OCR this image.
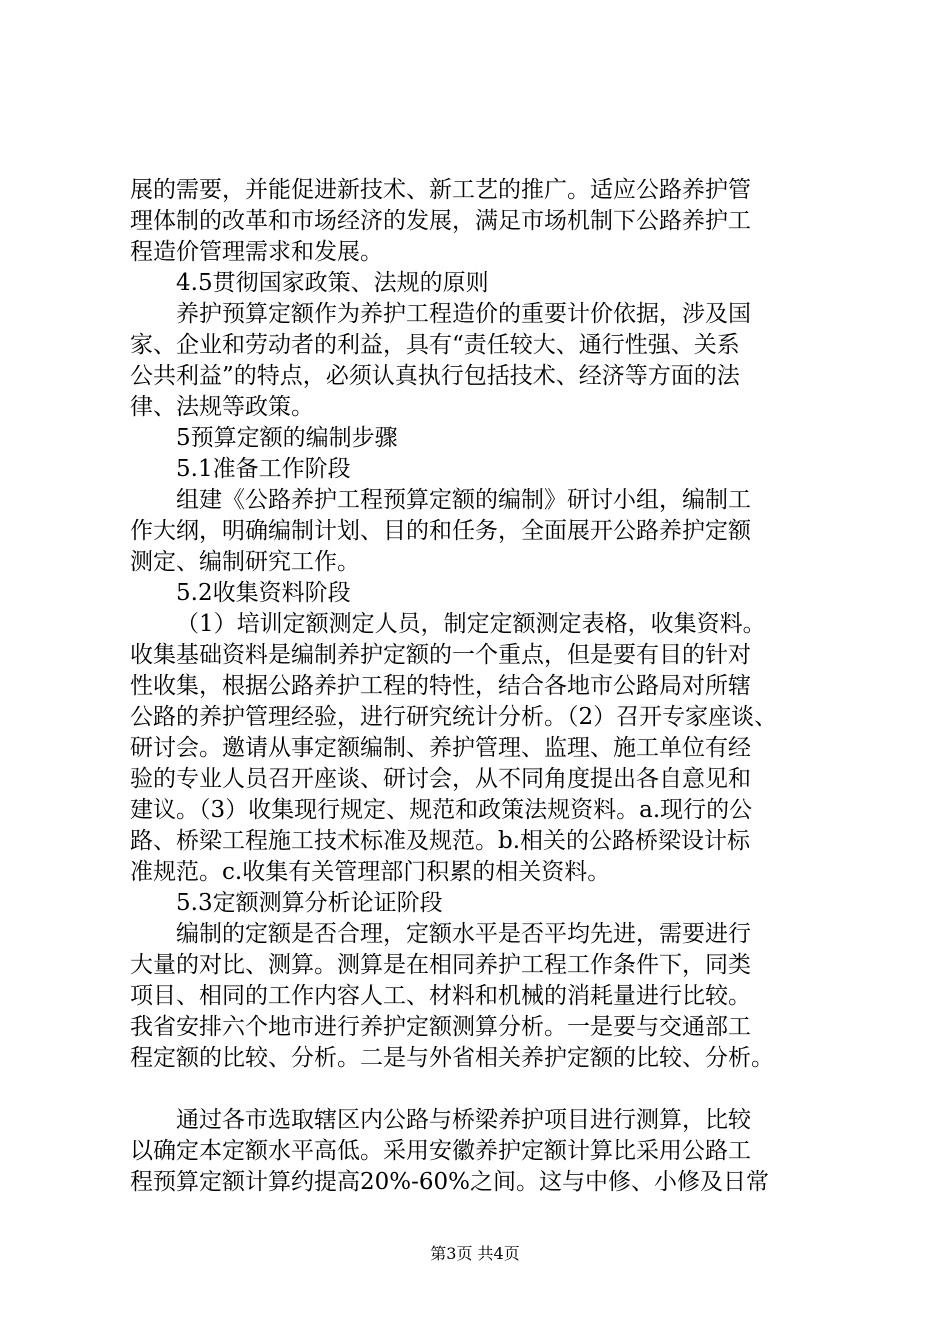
展的需要，并能促进新技术、新工艺的推广。适应公路养护管
理体制的改革和市场经济的发展，满足市场机制下公路养护工
程造价管理需求和发展。
4.5贯彻国家政策、法规的原则
养护预算定额作为养护工程造价的重要计价依据，涉及国
家、企业和劳动者的利益，具有“责任较大、通行性强、关系
公共利益”的特点，必须认真执行包括技术、经济等方面的法
律、法规等政策。
5预算定额的编制步骤
5.1准备工作阶段
组建《公路养护工程预算定额的编制》研讨小组，编制工
作大纲，明确编制计划、目的和任务，全面展开公路养护定额
测定、编制研究工作。
5.2收集资料阶段
（1）培训定额测定人员，制定定额测定表格，收集资料。
收集基础资料是编制养护定额的一个重点，但是要有目的针对
性收集，根据公路养护工程的特性，结合各地市公路局对所辖
公路的养护管理经验，进行研究统计分析。（2）召开专家座谈、
研讨会。邀请从事定额编制、养护管理、监理、施工单位有经
验的专业人员召开座谈、研讨会，从不同角度提出各自意见和
建议。（3）收集现行规定、规范和政策法规资料。a.现行的公
路、桥梁工程施工技术标准及规范。b.相关的公路桥梁设计标
准规范。c.收集有关管理部门积累的相关资料。
5.3定额测算分析论证阶段
编制的定额是否合理，定额水平是否平均先进，需要进行
大量的对比、测算。测算是在相同养护工程工作条件下，同类
项目、相同的工作内容人工、材料和机械的消耗量进行比较。
我省安排六个地市进行养护定额测算分析。一是要与交通部工
程定额的比较、分析。二是与外省相关养护定额的比较、分析。
通过各市选取辖区内公路与桥梁养护项目进行测算，比较
以确定本定额水平高低。采用安徽养护定额计算比采用公路工
程预算定额计算约提高20%-60%之间。这与中修、小修及日常
第3页 共4页
